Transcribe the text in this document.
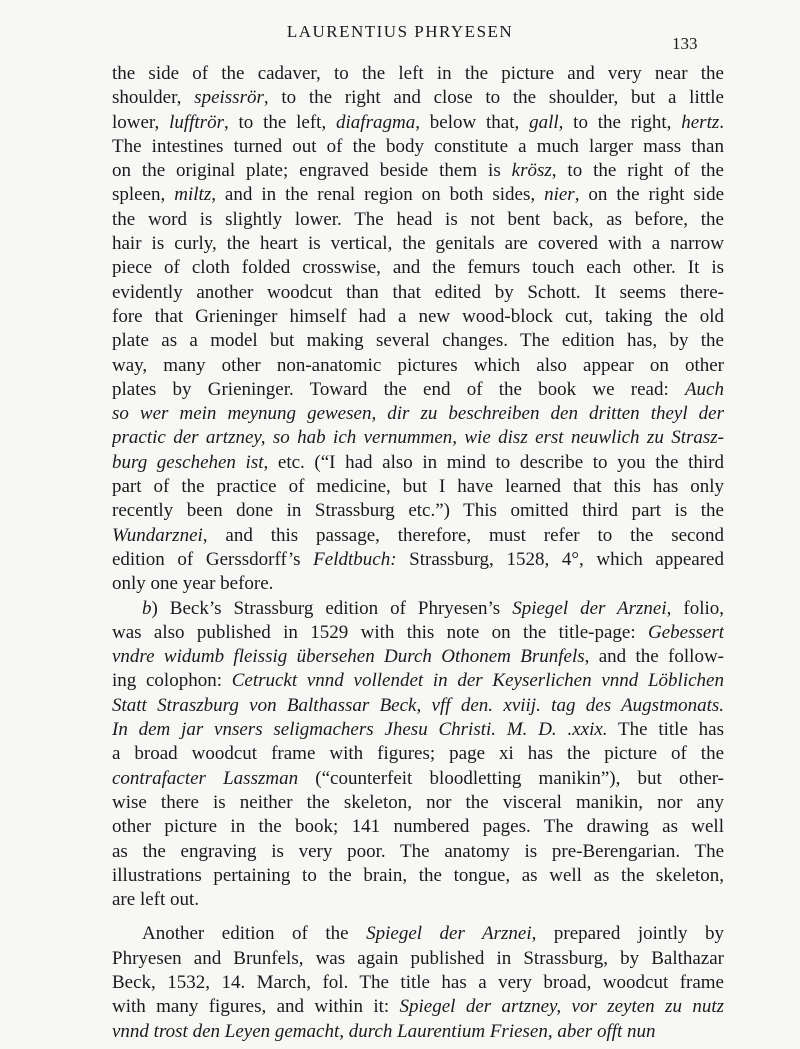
LAURENTIUS PHRYESEN
133
the side of the cadaver, to the left in the picture and very near the
shoulder, speissrör, to the right and close to the shoulder, but a little
lower, lufftrör, to the left, diafragma, below that, gall, to the right, hertz.
The intestines turned out of the body constitute a much larger mass than
on the original plate; engraved beside them is krösz, to the right of the
spleen, miltz, and in the renal region on both sides, nier, on the right side
the word is slightly lower. The head is not bent back, as before, the
hair is curly, the heart is vertical, the genitals are covered with a narrow
piece of cloth folded crosswise, and the femurs touch each other. It is
evidently another woodcut than that edited by Schott. It seems there-
fore that Grieninger himself had a new wood-block cut, taking the old
plate as a model but making several changes. The edition has, by the
way, many other non-anatomic pictures which also appear on other
plates by Grieninger. Toward the end of the book we read: Auch
so wer mein meynung gewesen, dir zu beschreiben den dritten theyl der
practic der artzney, so hab ich vernummen, wie disz erst neuwlich zu Strasz-
burg geschehen ist, etc. (“I had also in mind to describe to you the third
part of the practice of medicine, but I have learned that this has only
recently been done in Strassburg etc.”) This omitted third part is the
Wundarznei, and this passage, therefore, must refer to the second
edition of Gerssdorff’s Feldtbuch: Strassburg, 1528, 4°, which appeared
only one year before.
b) Beck’s Strassburg edition of Phryesen’s Spiegel der Arznei, folio,
was also published in 1529 with this note on the title-page: Gebessert
vndre widumb fleissig übersehen Durch Othonem Brunfels, and the follow-
ing colophon: Cetruckt vnnd vollendet in der Keyserlichen vnnd Löblichen
Statt Straszburg von Balthassar Beck, vff den. xviij. tag des Augstmonats.
In dem jar vnsers seligmachers Jhesu Christi. M. D. .xxix. The title has
a broad woodcut frame with figures; page xi has the picture of the
contrafacter Lasszman (“counterfeit bloodletting manikin”), but other-
wise there is neither the skeleton, nor the visceral manikin, nor any
other picture in the book; 141 numbered pages. The drawing as well
as the engraving is very poor. The anatomy is pre-Berengarian. The
illustrations pertaining to the brain, the tongue, as well as the skeleton,
are left out.
Another edition of the Spiegel der Arznei, prepared jointly by
Phryesen and Brunfels, was again published in Strassburg, by Balthazar
Beck, 1532, 14. March, fol. The title has a very broad, woodcut frame
with many figures, and within it: Spiegel der artzney, vor zeyten zu nutz
vnnd trost den Leyen gemacht, durch Laurentium Friesen, aber offt nun
